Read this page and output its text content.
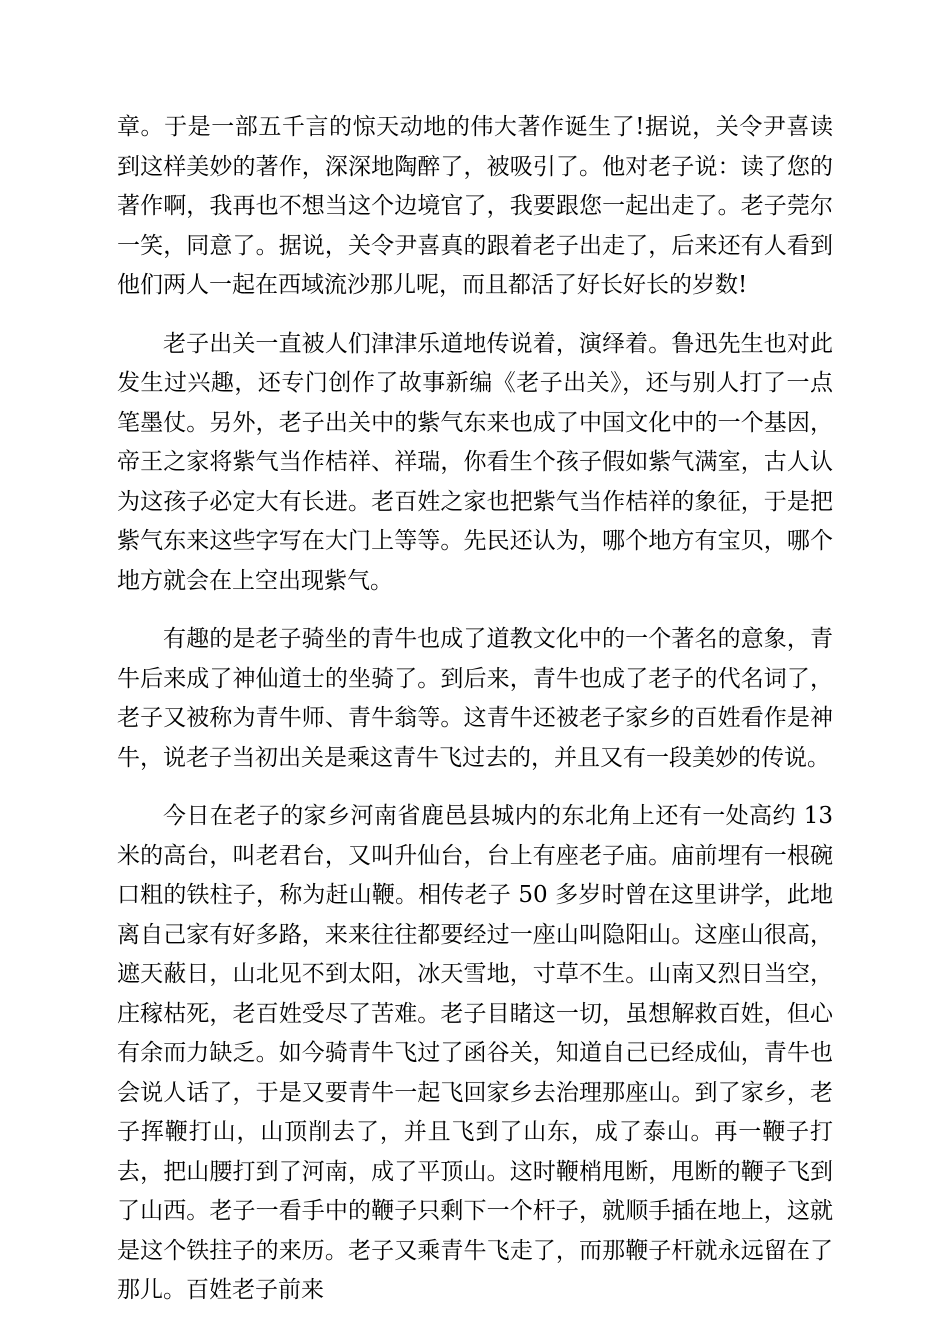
章。于是一部五千言的惊天动地的伟大著作诞生了!据说，关令尹喜读到这样美妙的著作，深深地陶醉了，被吸引了。他对老子说：读了您的著作啊，我再也不想当这个边境官了，我要跟您一起出走了。老子莞尔一笑，同意了。据说，关令尹喜真的跟着老子出走了，后来还有人看到他们两人一起在西域流沙那儿呢，而且都活了好长好长的岁数!

老子出关一直被人们津津乐道地传说着，演绎着。鲁迅先生也对此发生过兴趣，还专门创作了故事新编《老子出关》，还与别人打了一点笔墨仗。另外，老子出关中的紫气东来也成了中国文化中的一个基因，帝王之家将紫气当作桔祥、祥瑞，你看生个孩子假如紫气满室，古人认为这孩子必定大有长进。老百姓之家也把紫气当作桔祥的象征，于是把紫气东来这些字写在大门上等等。先民还认为，哪个地方有宝贝，哪个地方就会在上空出现紫气。

有趣的是老子骑坐的青牛也成了道教文化中的一个著名的意象，青牛后来成了神仙道士的坐骑了。到后来，青牛也成了老子的代名词了，老子又被称为青牛师、青牛翁等。这青牛还被老子家乡的百姓看作是神牛，说老子当初出关是乘这青牛飞过去的，并且又有一段美妙的传说。

今日在老子的家乡河南省鹿邑县城内的东北角上还有一处高约 13 米的高台，叫老君台，又叫升仙台，台上有座老子庙。庙前埋有一根碗口粗的铁柱子，称为赶山鞭。相传老子 50 多岁时曾在这里讲学，此地离自己家有好多路，来来往往都要经过一座山叫隐阳山。这座山很高，遮天蔽日，山北见不到太阳，冰天雪地，寸草不生。山南又烈日当空，庄稼枯死，老百姓受尽了苦难。老子目睹这一切，虽想解救百姓，但心有余而力缺乏。如今骑青牛飞过了函谷关，知道自己已经成仙，青牛也会说人话了，于是又要青牛一起飞回家乡去治理那座山。到了家乡，老子挥鞭打山，山顶削去了，并且飞到了山东，成了泰山。再一鞭子打去，把山腰打到了河南，成了平顶山。这时鞭梢甩断，甩断的鞭子飞到了山西。老子一看手中的鞭子只剩下一个杆子，就顺手插在地上，这就是这个铁拄子的来历。老子又乘青牛飞走了，而那鞭子杆就永远留在了那儿。百姓老子前来
